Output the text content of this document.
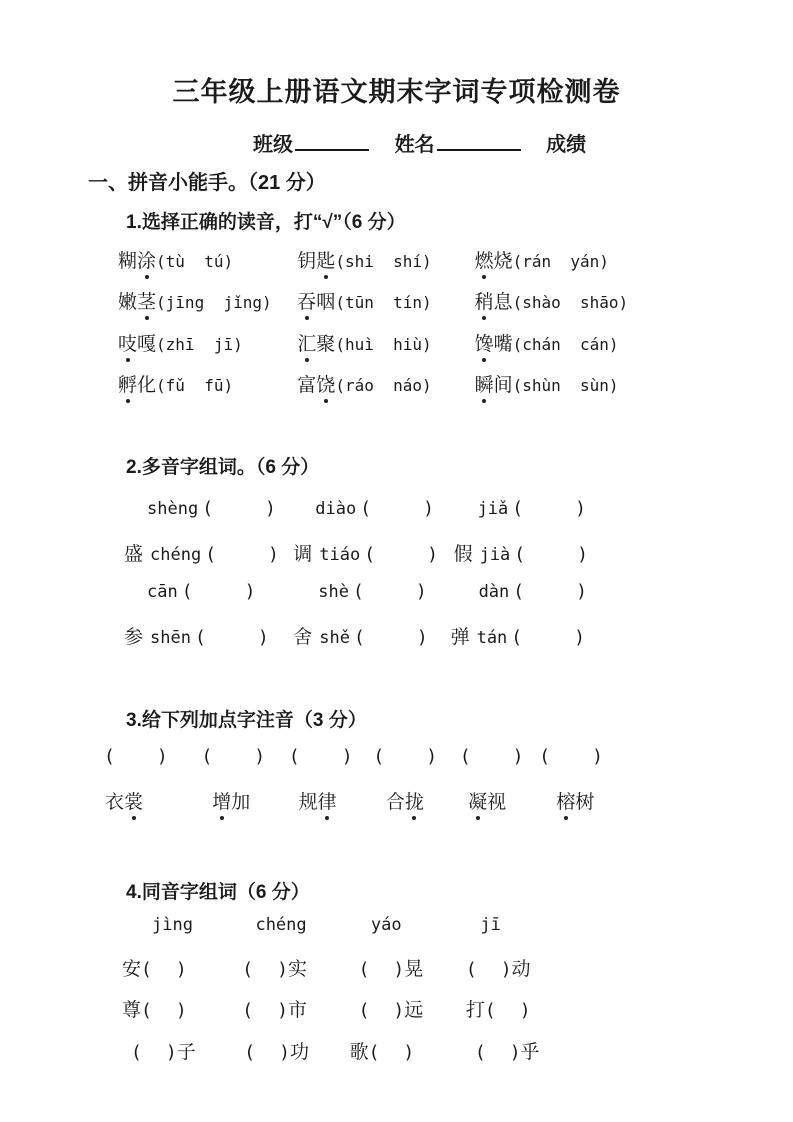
三年级上册语文期末字词专项检测卷
班级	姓名	成绩
一、拼音小能手。（21 分）
1.选择正确的读音，打“√”（6 分）
糊涂(tù  tú)	钥匙(shi  shí) 燃烧(rán  yán)
嫩茎(jīng  jǐng) 吞咽(tūn  tín) 稍息(shào  shāo)
吱嘎(zhī  jī)	汇聚(huì  hiù) 馋嘴(chán  cán)
孵化(fǔ  fū)	富饶(ráo  náo) 瞬间(shùn  sùn)
2.多音字组词。（6 分）
shèng (	) diào (	)	jiǎ (	)
盛 chéng (	) 调 tiáo (	) 假 jià (	)
cān (	)	shè (	)	dàn (	)
参 shēn (	) 舍 shě (	) 弹 tán (	)
3.给下列加点字注音（3 分）
( ) ( ) ( ) ( ) ( ) ( )
衣裳	增加	规律	合拢 凝视	榕树
4.同音字组词（6 分）
jìng	chéng	yáo	jī
安( )	( )实	( )晃 ( )动
尊( )	( )市	( )远 打( )
( )子	( )功 歌( )	( )乎
